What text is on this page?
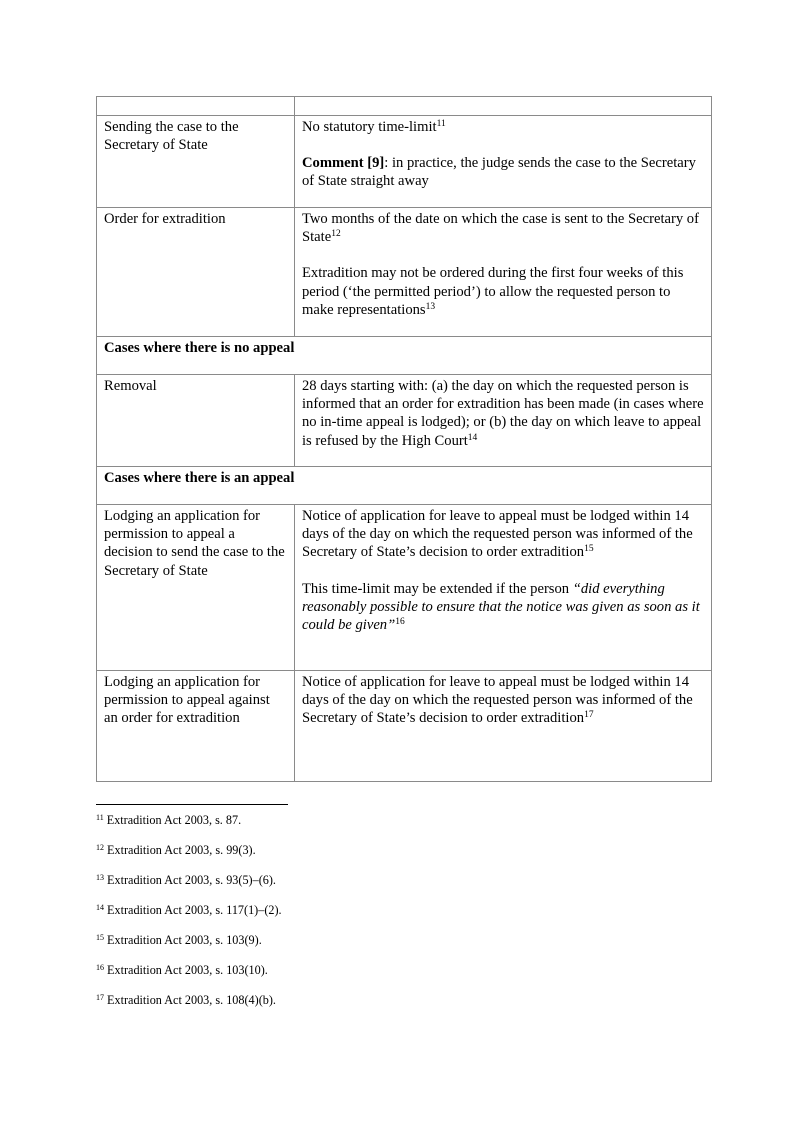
Sending the case to the Secretary of State	No statutory time-limit$^{11}$

Comment [9]: in practice, the judge sends the case to the Secretary of State straight away

Order for extradition	Two months of the date on which the case is sent to the Secretary of State$^{12}$

Extradition may not be ordered during the first four weeks of this period (‘the permitted period’) to allow the requested person to make representations$^{13}$

Cases where there is no appeal	
Removal	28 days starting with: (a) the day on which the requested person is informed that an order for extradition has been made (in cases where no in-time appeal is lodged); or (b) the day on which leave to appeal is refused by the High Court$^{14}$

Cases where there is an appeal	
Lodging an application for permission to appeal a decision to send the case to the Secretary of State	Notice of application for leave to appeal must be lodged within 14 days of the day on which the requested person was informed of the Secretary of State’s decision to order extradition$^{15}$

This time-limit may be extended if the person “did everything reasonably possible to ensure that the notice was given as soon as it could be given”$^{16}$

Lodging an application for permission to appeal against an order for extradition	Notice of application for leave to appeal must be lodged within 14 days of the day on which the requested person was informed of the Secretary of State’s decision to order extradition$^{17}$

$^{11}$ Extradition Act 2003, s. 87.

$^{12}$ Extradition Act 2003, s. 99(3).

$^{13}$ Extradition Act 2003, s. 93(5)–(6).

$^{14}$ Extradition Act 2003, s. 117(1)–(2).

$^{15}$ Extradition Act 2003, s. 103(9).

$^{16}$ Extradition Act 2003, s. 103(10).

$^{17}$ Extradition Act 2003, s. 108(4)(b).
